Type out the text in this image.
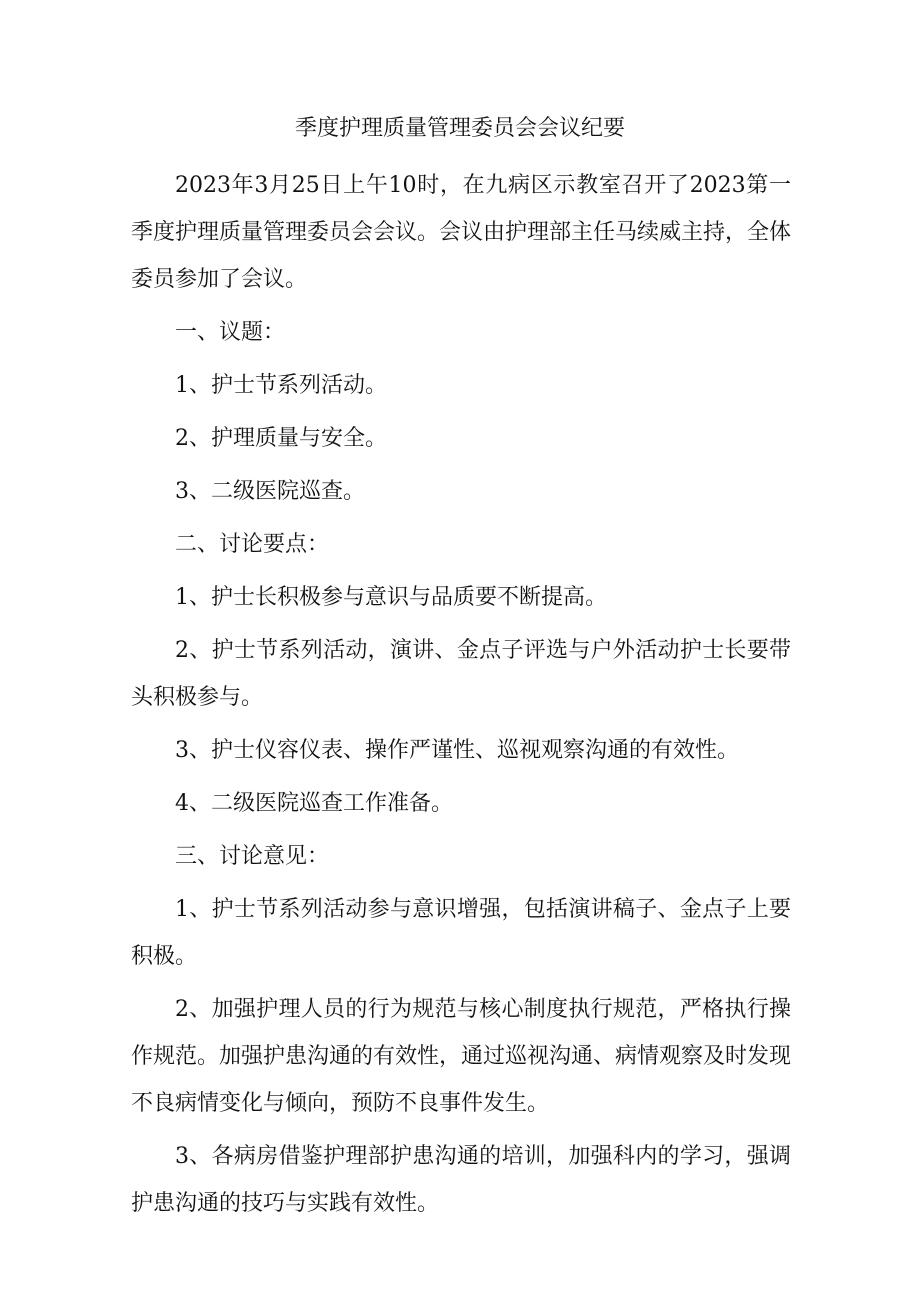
季度护理质量管理委员会会议纪要

2023年3月25日上午10时，在九病区示教室召开了2023第一季度护理质量管理委员会会议。会议由护理部主任马续威主持，全体委员参加了会议。

一、议题：

1、护士节系列活动。

2、护理质量与安全。

3、二级医院巡查。

二、讨论要点：

1、护士长积极参与意识与品质要不断提高。

2、护士节系列活动，演讲、金点子评选与户外活动护士长要带头积极参与。

3、护士仪容仪表、操作严谨性、巡视观察沟通的有效性。

4、二级医院巡查工作准备。

三、讨论意见：

1、护士节系列活动参与意识增强，包括演讲稿子、金点子上要积极。

2、加强护理人员的行为规范与核心制度执行规范，严格执行操作规范。加强护患沟通的有效性，通过巡视沟通、病情观察及时发现不良病情变化与倾向，预防不良事件发生。

3、各病房借鉴护理部护患沟通的培训，加强科内的学习，强调护患沟通的技巧与实践有效性。
